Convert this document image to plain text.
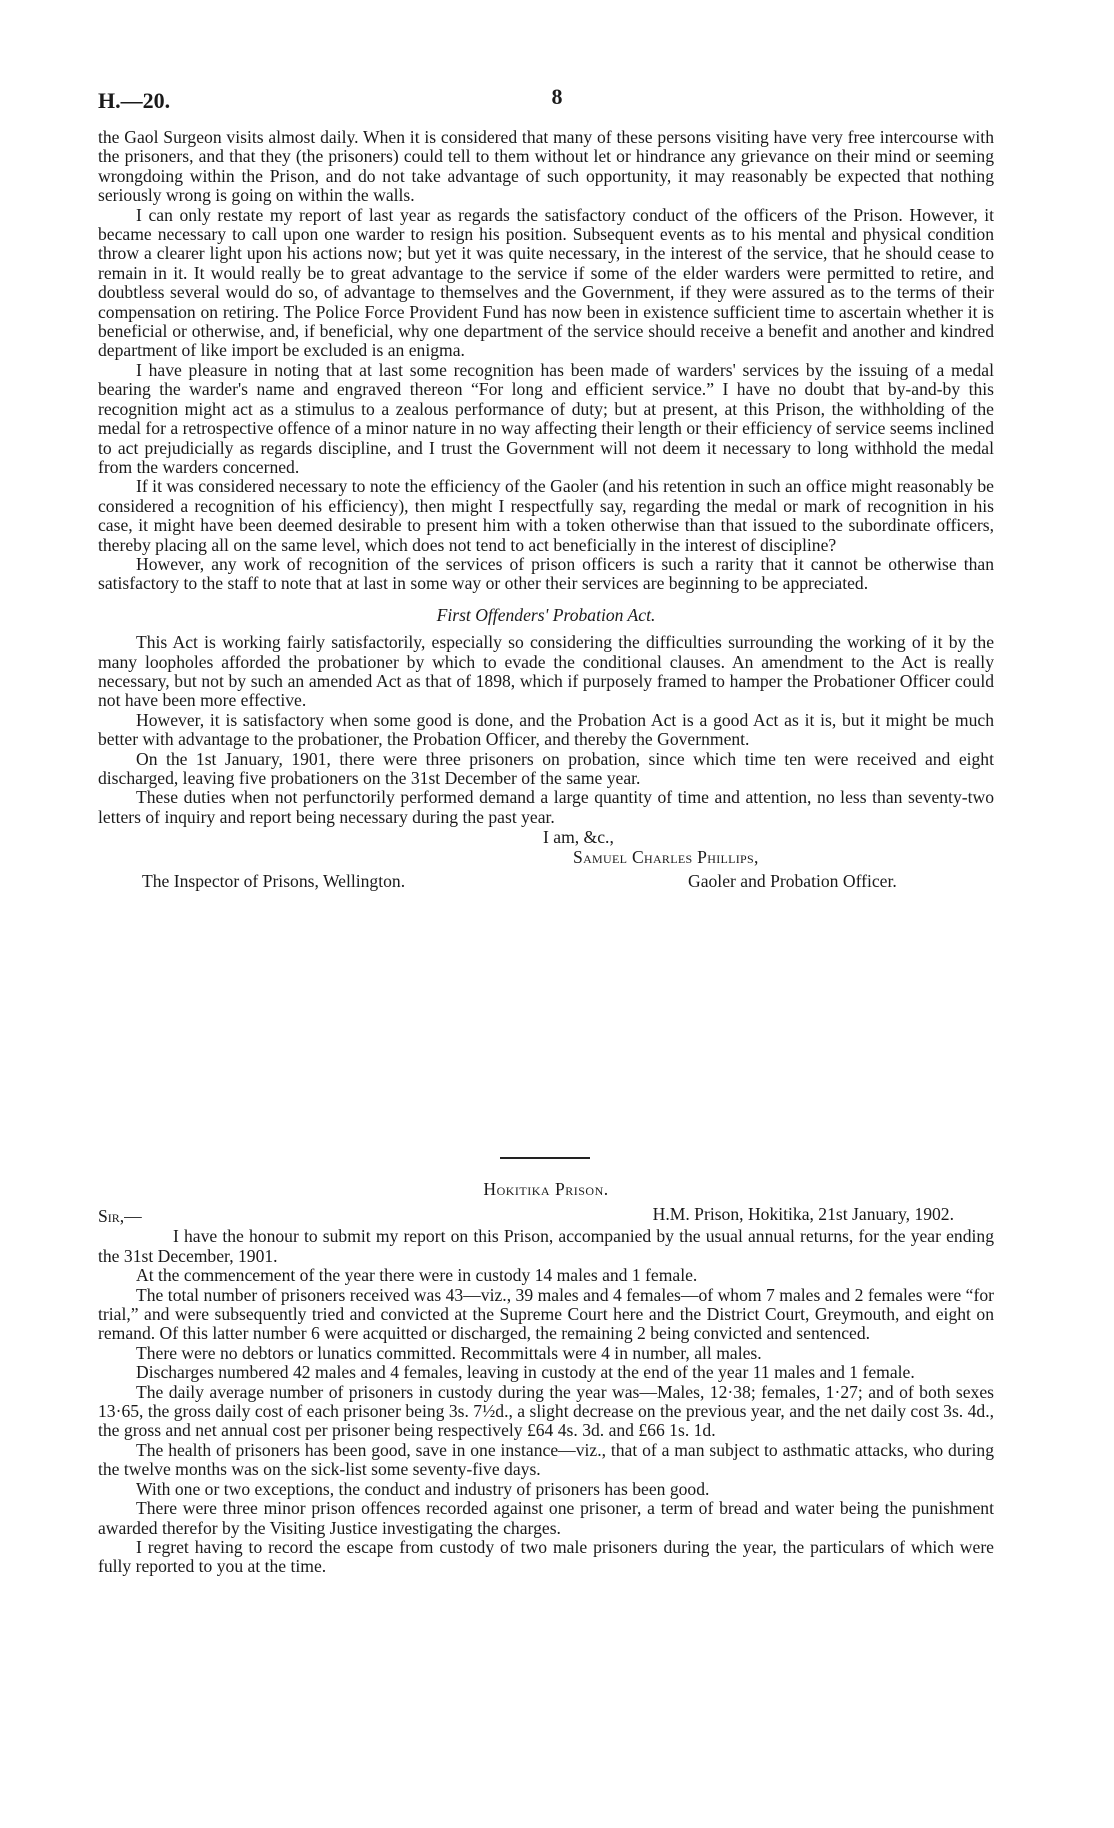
H.—20.	8

the Gaol Surgeon visits almost daily. When it is considered that many of these persons visiting have very free intercourse with the prisoners, and that they (the prisoners) could tell to them without let or hindrance any grievance on their mind or seeming wrongdoing within the Prison, and do not take advantage of such opportunity, it may reasonably be expected that nothing seriously wrong is going on within the walls.

I can only restate my report of last year as regards the satisfactory conduct of the officers of the Prison. However, it became necessary to call upon one warder to resign his position. Subsequent events as to his mental and physical condition throw a clearer light upon his actions now; but yet it was quite necessary, in the interest of the service, that he should cease to remain in it. It would really be to great advantage to the service if some of the elder warders were permitted to retire, and doubtless several would do so, of advantage to themselves and the Government, if they were assured as to the terms of their compensation on retiring. The Police Force Provident Fund has now been in existence sufficient time to ascertain whether it is beneficial or otherwise, and, if beneficial, why one department of the service should receive a benefit and another and kindred department of like import be excluded is an enigma.

I have pleasure in noting that at last some recognition has been made of warders' services by the issuing of a medal bearing the warder's name and engraved thereon “For long and efficient service.” I have no doubt that by-and-by this recognition might act as a stimulus to a zealous performance of duty; but at present, at this Prison, the withholding of the medal for a retrospective offence of a minor nature in no way affecting their length or their efficiency of service seems inclined to act prejudicially as regards discipline, and I trust the Government will not deem it necessary to long withhold the medal from the warders concerned.

If it was considered necessary to note the efficiency of the Gaoler (and his retention in such an office might reasonably be considered a recognition of his efficiency), then might I respectfully say, regarding the medal or mark of recognition in his case, it might have been deemed desirable to present him with a token otherwise than that issued to the subordinate officers, thereby placing all on the same level, which does not tend to act beneficially in the interest of discipline?

However, any work of recognition of the services of prison officers is such a rarity that it cannot be otherwise than satisfactory to the staff to note that at last in some way or other their services are beginning to be appreciated.

First Offenders' Probation Act.

This Act is working fairly satisfactorily, especially so considering the difficulties surrounding the working of it by the many loopholes afforded the probationer by which to evade the conditional clauses. An amendment to the Act is really necessary, but not by such an amended Act as that of 1898, which if purposely framed to hamper the Probationer Officer could not have been more effective.

However, it is satisfactory when some good is done, and the Probation Act is a good Act as it is, but it might be much better with advantage to the probationer, the Probation Officer, and thereby the Government.

On the 1st January, 1901, there were three prisoners on probation, since which time ten were received and eight discharged, leaving five probationers on the 31st December of the same year.

These duties when not perfunctorily performed demand a large quantity of time and attention, no less than seventy-two letters of inquiry and report being necessary during the past year.

I am, &c.,
Samuel Charles Phillips,
The Inspector of Prisons, Wellington.	Gaoler and Probation Officer.
Hokitika Prison.
Sir,—	H.M. Prison, Hokitika, 21st January, 1902.

I have the honour to submit my report on this Prison, accompanied by the usual annual returns, for the year ending the 31st December, 1901.

At the commencement of the year there were in custody 14 males and 1 female.

The total number of prisoners received was 43—viz., 39 males and 4 females—of whom 7 males and 2 females were “for trial,” and were subsequently tried and convicted at the Supreme Court here and the District Court, Greymouth, and eight on remand. Of this latter number 6 were acquitted or discharged, the remaining 2 being convicted and sentenced.

There were no debtors or lunatics committed. Recommittals were 4 in number, all males.

Discharges numbered 42 males and 4 females, leaving in custody at the end of the year 11 males and 1 female.

The daily average number of prisoners in custody during the year was—Males, 12·38; females, 1·27; and of both sexes 13·65, the gross daily cost of each prisoner being 3s. 7½d., a slight decrease on the previous year, and the net daily cost 3s. 4d., the gross and net annual cost per prisoner being respectively £64 4s. 3d. and £66 1s. 1d.

The health of prisoners has been good, save in one instance—viz., that of a man subject to asthmatic attacks, who during the twelve months was on the sick-list some seventy-five days.

With one or two exceptions, the conduct and industry of prisoners has been good.

There were three minor prison offences recorded against one prisoner, a term of bread and water being the punishment awarded therefor by the Visiting Justice investigating the charges.

I regret having to record the escape from custody of two male prisoners during the year, the particulars of which were fully reported to you at the time.
